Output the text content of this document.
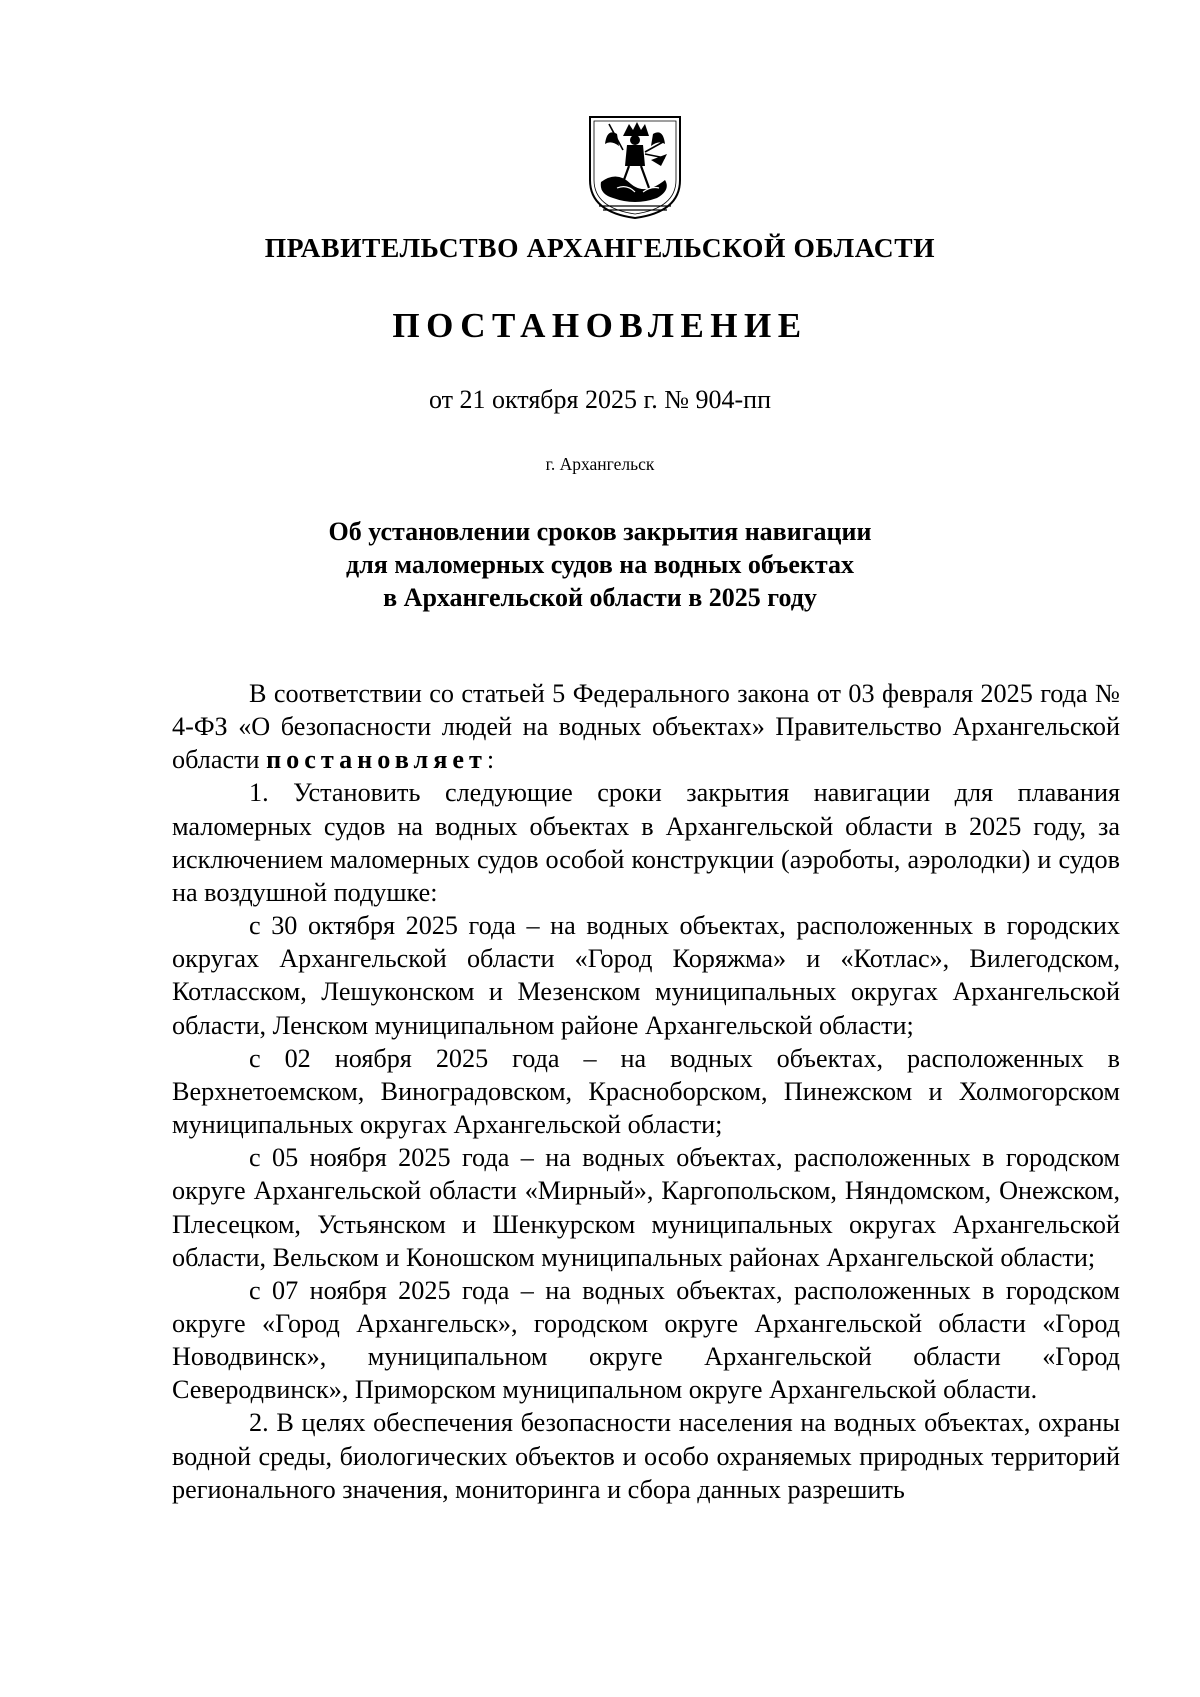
ПРАВИТЕЛЬСТВО АРХАНГЕЛЬСКОЙ ОБЛАСТИ
ПОСТАНОВЛЕНИЕ
от 21 октября 2025 г. № 904-пп
г. Архангельск
Об установлении сроков закрытия навигации
для маломерных судов на водных объектах
в Архангельской области в 2025 году

В соответствии со статьей 5 Федерального закона от 03 февраля 2025 года № 4-ФЗ «О безопасности людей на водных объектах» Правительство Архангельской области постановляет:

1. Установить следующие сроки закрытия навигации для плавания маломерных судов на водных объектах в Архангельской области в 2025 году, за исключением маломерных судов особой конструкции (аэроботы, аэролодки) и судов на воздушной подушке:

с 30 октября 2025 года – на водных объектах, расположенных в городских округах Архангельской области «Город Коряжма» и «Котлас», Вилегодском, Котласском, Лешуконском и Мезенском муниципальных округах Архангельской области, Ленском муниципальном районе Архангельской области;

с 02 ноября 2025 года – на водных объектах, расположенных в Верхнетоемском, Виноградовском, Красноборском, Пинежском и Холмогорском муниципальных округах Архангельской области;

с 05 ноября 2025 года – на водных объектах, расположенных в городском округе Архангельской области «Мирный», Каргопольском, Няндомском, Онежском, Плесецком, Устьянском и Шенкурском муниципальных округах Архангельской области, Вельском и Коношском муниципальных районах Архангельской области;

с 07 ноября 2025 года – на водных объектах, расположенных в городском округе «Город Архангельск», городском округе Архангельской области «Город Новодвинск», муниципальном округе Архангельской области «Город Северодвинск», Приморском муниципальном округе Архангельской области.

2. В целях обеспечения безопасности населения на водных объектах, охраны водной среды, биологических объектов и особо охраняемых природных территорий регионального значения, мониторинга и сбора данных разрешить
